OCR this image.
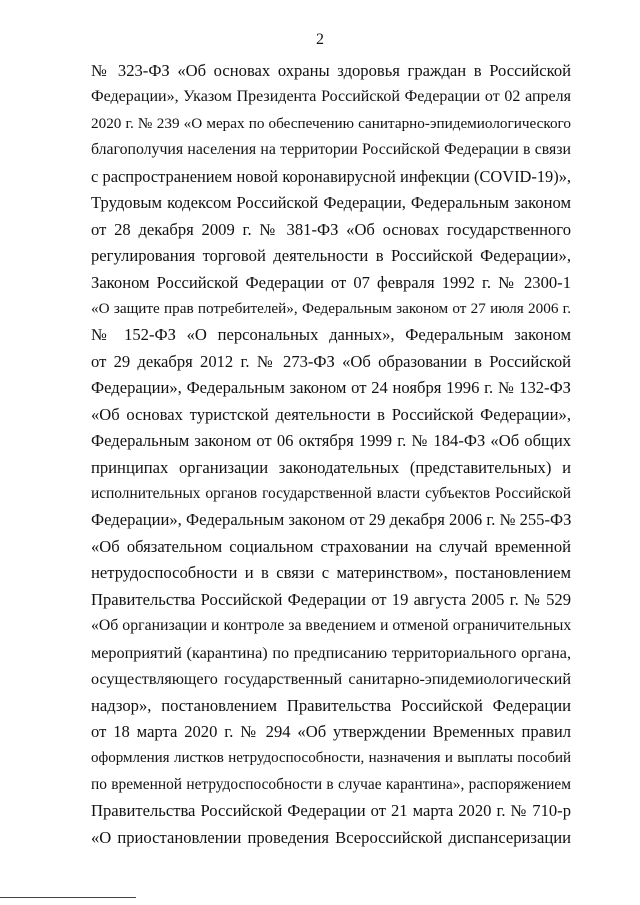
2
№ 323-ФЗ «Об основах охраны здоровья граждан в Российской
Федерации», Указом Президента Российской Федерации от 02 апреля
2020 г. № 239 «О мерах по обеспечению санитарно-эпидемиологического
благополучия населения на территории Российской Федерации в связи
с распространением новой коронавирусной инфекции (COVID-19)»,
Трудовым кодексом Российской Федерации, Федеральным законом
от 28 декабря 2009 г. № 381-ФЗ «Об основах государственного
регулирования торговой деятельности в Российской Федерации»,
Законом Российской Федерации от 07 февраля 1992 г. № 2300-1
«О защите прав потребителей», Федеральным законом от 27 июля 2006 г.
№ 152-ФЗ «О персональных данных», Федеральным законом
от 29 декабря 2012 г. № 273-ФЗ «Об образовании в Российской
Федерации», Федеральным законом от 24 ноября 1996 г. № 132-ФЗ
«Об основах туристской деятельности в Российской Федерации»,
Федеральным законом от 06 октября 1999 г. № 184-ФЗ «Об общих
принципах организации законодательных (представительных) и
исполнительных органов государственной власти субъектов Российской
Федерации», Федеральным законом от 29 декабря 2006 г. № 255-ФЗ
«Об обязательном социальном страховании на случай временной
нетрудоспособности и в связи с материнством», постановлением
Правительства Российской Федерации от 19 августа 2005 г. № 529
«Об организации и контроле за введением и отменой ограничительных
мероприятий (карантина) по предписанию территориального органа,
осуществляющего государственный санитарно-эпидемиологический
надзор», постановлением Правительства Российской Федерации
от 18 марта 2020 г. № 294 «Об утверждении Временных правил
оформления листков нетрудоспособности, назначения и выплаты пособий
по временной нетрудоспособности в случае карантина», распоряжением
Правительства Российской Федерации от 21 марта 2020 г. № 710-р
«О приостановлении проведения Всероссийской диспансеризации
